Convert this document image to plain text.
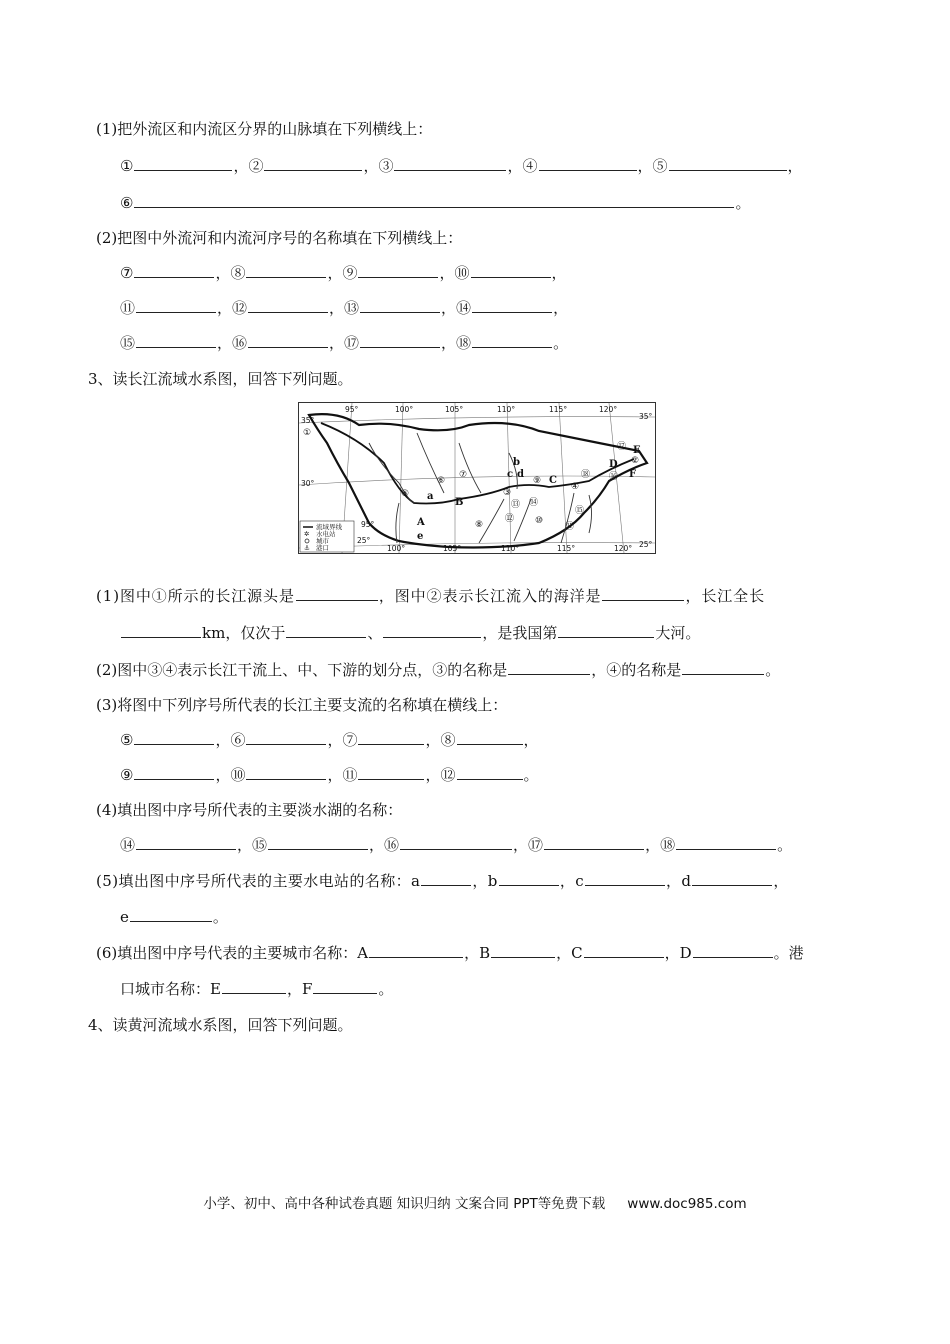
(1)把外流区和内流区分界的山脉填在下列横线上：
①	，②	，③	，④	，⑤	，
⑥	。
(2)把图中外流河和内流河序号的名称填在下列横线上：
⑦	，⑧	，⑨	，⑩	，
⑪	，⑫	，⑬	，⑭	，
⑮	，⑯	，⑰	，⑱	。
3、读长江流域水系图，回答下列问题。
95°	100°	105°	110°	115°	120°
95°
100°	105°	110°	115°	120°
35°
30°
25°
35°
25°
①
②
③
④
⑤
⑥
⑦
⑧
⑨
⑩
⑪
⑫
⑬ ⑭
⑮
⑯
⑰
⑱
A
B
C
D
E
F
a
b
c d
e
流域界线
✲ 水电站
城市
⚓ 港口
(1)图中①所示的长江源头是	，图中②表示长江流入的海洋是	，长江全长
km，仅次于	、	，是我国第	大河。
(2)图中③④表示长江干流上、中、下游的划分点，③的名称是	，④的名称是	。
(3)将图中下列序号所代表的长江主要支流的名称填在横线上：
⑤	，⑥	，⑦	，⑧	，
⑨	，⑩	，⑪	，⑫	。
(4)填出图中序号所代表的主要淡水湖的名称：
⑭	，⑮	，⑯	，⑰	，⑱	。
(5)填出图中序号所代表的主要水电站的名称：a	，b	，c	，d	，
e	。
(6)填出图中序号代表的主要城市名称：A	，B	，C	，D	。港
口城市名称：E	，F	。
4、读黄河流域水系图，回答下列问题。
小学、初中、高中各种试卷真题 知识归纳 文案合同 PPT等免费下载 www.doc985.com
